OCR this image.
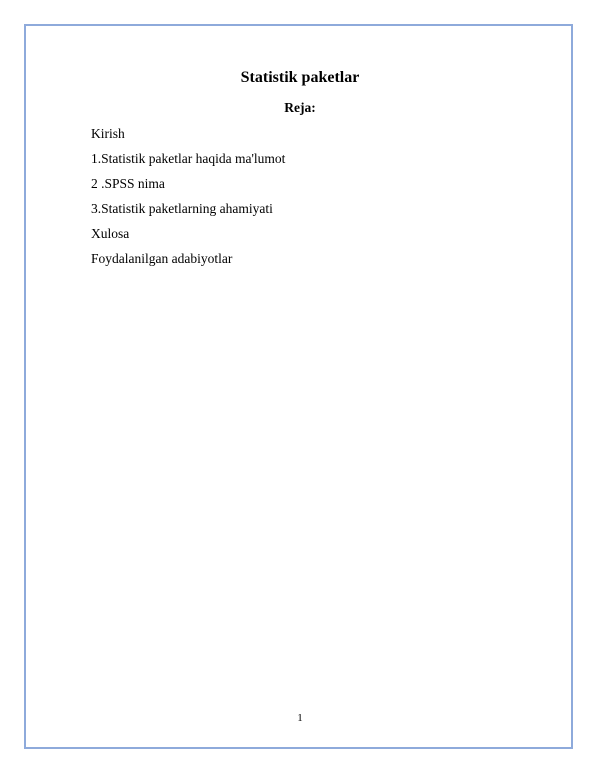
Statistik paketlar
Reja:
Kirish
1.Statistik paketlar haqida ma'lumot
2 .SPSS nima
3.Statistik paketlarning ahamiyati
Xulosa
Foydalanilgan adabiyotlar
1
